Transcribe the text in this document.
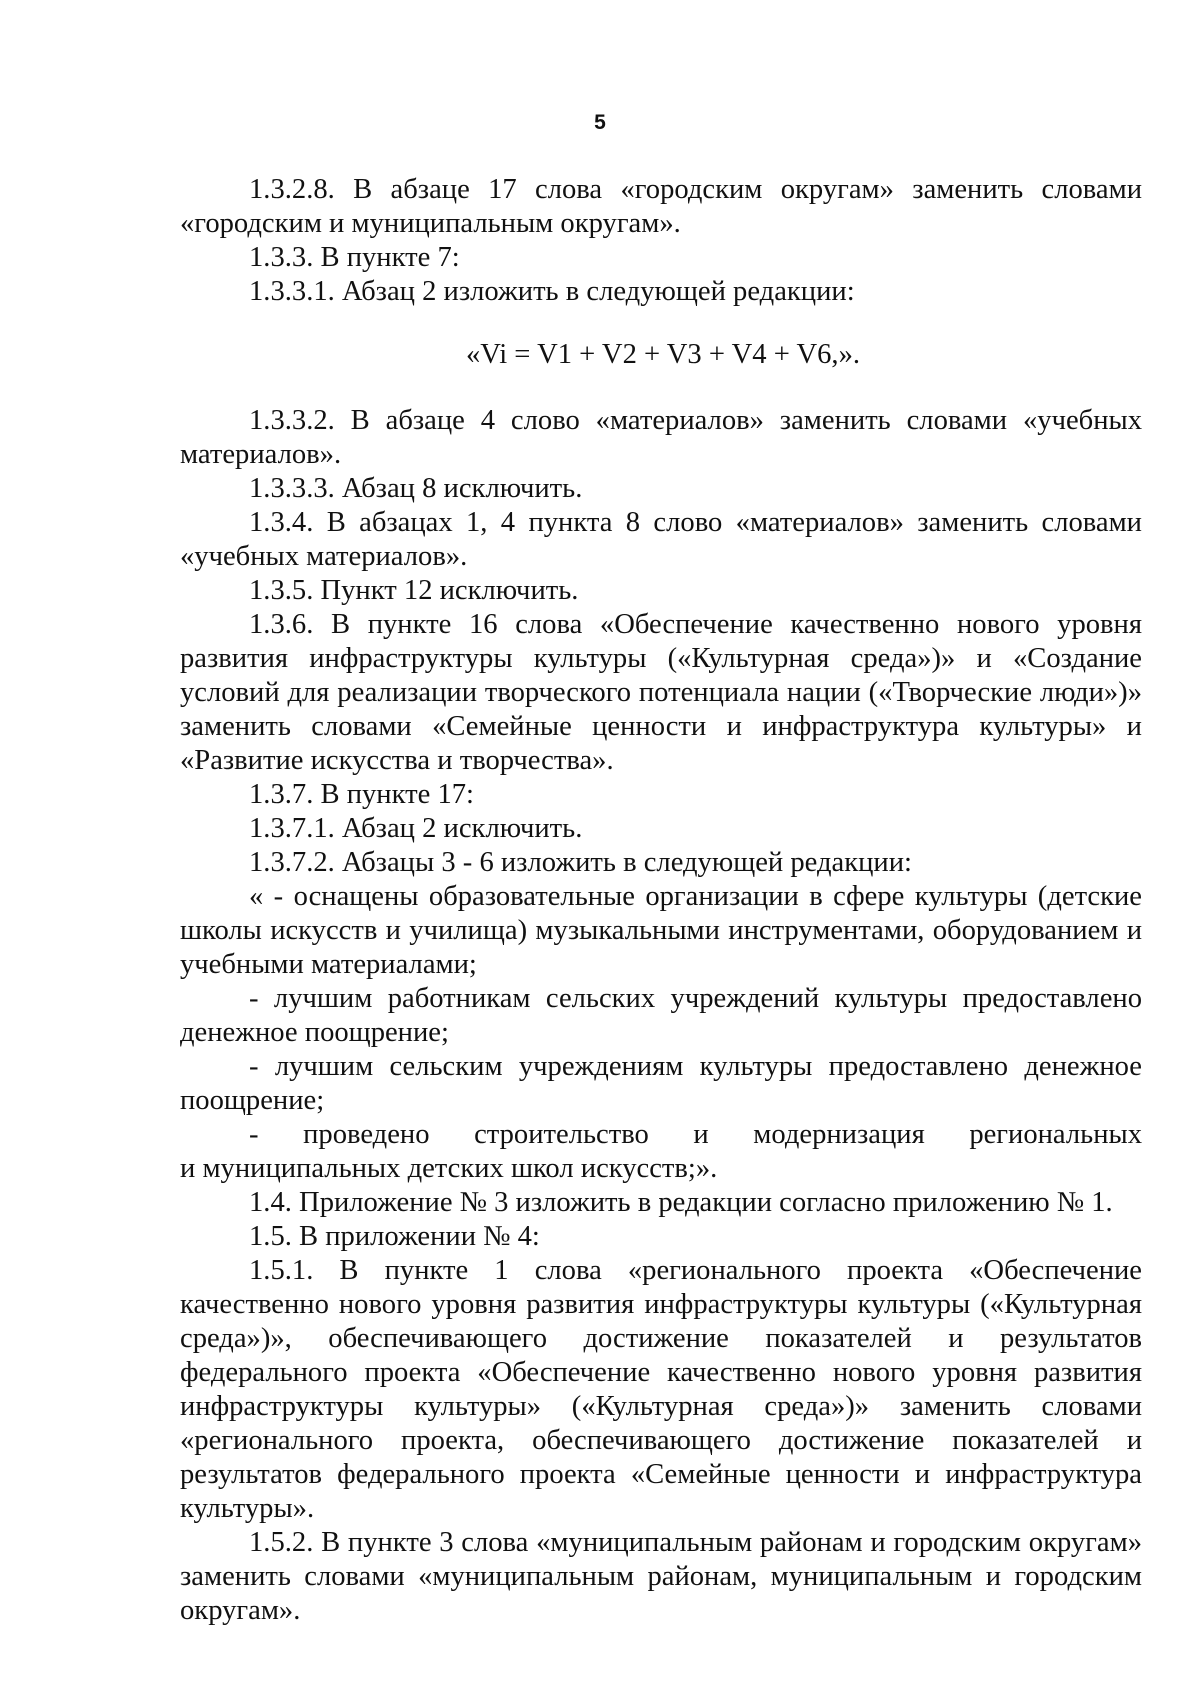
5

1.3.2.8. В абзаце 17 слова «городским округам» заменить словами «городским и муниципальным округам».

1.3.3. В пункте 7:

1.3.3.1. Абзац 2 изложить в следующей редакции:

«Vi = V1 + V2 + V3 + V4 + V6,».

1.3.3.2. В абзаце 4 слово «материалов» заменить словами «учебных материалов».

1.3.3.3. Абзац 8 исключить.

1.3.4. В абзацах 1, 4 пункта 8 слово «материалов» заменить словами «учебных материалов».

1.3.5. Пункт 12 исключить.

1.3.6. В пункте 16 слова «Обеспечение качественно нового уровня развития инфраструктуры культуры («Культурная среда»)» и «Создание условий для реализации творческого потенциала нации («Творческие люди»)» заменить словами «Семейные ценности и инфраструктура культуры» и «Развитие искусства и творчества».

1.3.7. В пункте 17:

1.3.7.1. Абзац 2 исключить.

1.3.7.2. Абзацы 3 - 6 изложить в следующей редакции:

« - оснащены образовательные организации в сфере культуры (детские школы искусств и училища) музыкальными инструментами, оборудованием и учебными материалами;

- лучшим работникам сельских учреждений культуры предоставлено денежное поощрение;

- лучшим сельским учреждениям культуры предоставлено денежное поощрение;

- проведено строительство и модернизация региональных

и муниципальных детских школ искусств;».

1.4. Приложение № 3 изложить в редакции согласно приложению № 1.

1.5. В приложении № 4:

1.5.1. В пункте 1 слова «регионального проекта «Обеспечение качественно нового уровня развития инфраструктуры культуры («Культурная среда»)», обеспечивающего достижение показателей и результатов федерального проекта «Обеспечение качественно нового уровня развития инфраструктуры культуры» («Культурная среда»)» заменить словами «регионального проекта, обеспечивающего достижение показателей и результатов федерального проекта «Семейные ценности и инфраструктура культуры».

1.5.2. В пункте 3 слова «муниципальным районам и городским округам» заменить словами «муниципальным районам, муниципальным и городским округам».
